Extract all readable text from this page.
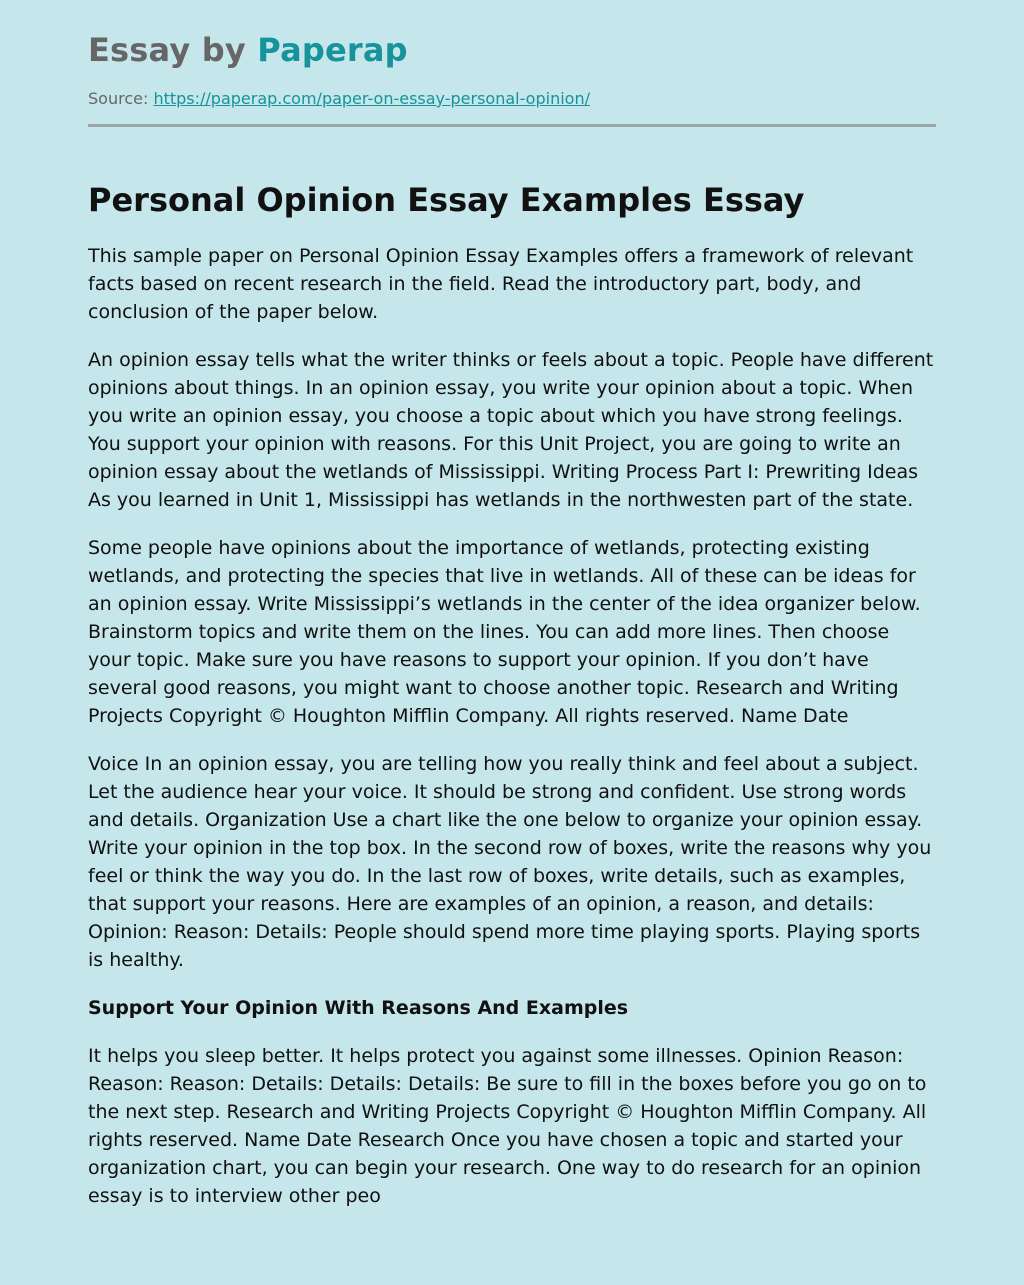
Essay by Paperap
Source: https://paperap.com/paper-on-essay-personal-opinion/
Personal Opinion Essay Examples Essay

This sample paper on Personal Opinion Essay Examples offers a framework of relevant facts based on recent research in the field. Read the introductory part, body, and conclusion of the paper below.

An opinion essay tells what the writer thinks or feels about a topic. People have different opinions about things. In an opinion essay, you write your opinion about a topic. When you write an opinion essay, you choose a topic about which you have strong feelings. You support your opinion with reasons. For this Unit Project, you are going to write an opinion essay about the wetlands of Mississippi. Writing Process Part I: Prewriting Ideas As you learned in Unit 1, Mississippi has wetlands in the northwesten part of the state.

Some people have opinions about the importance of wetlands, protecting existing wetlands, and protecting the species that live in wetlands. All of these can be ideas for an opinion essay. Write Mississippi’s wetlands in the center of the idea organizer below. Brainstorm topics and write them on the lines. You can add more lines. Then choose your topic. Make sure you have reasons to support your opinion. If you don’t have several good reasons, you might want to choose another topic. Research and Writing Projects Copyright © Houghton Mifflin Company. All rights reserved. Name Date

Voice In an opinion essay, you are telling how you really think and feel about a subject. Let the audience hear your voice. It should be strong and confident. Use strong words and details. Organization Use a chart like the one below to organize your opinion essay. Write your opinion in the top box. In the second row of boxes, write the reasons why you feel or think the way you do. In the last row of boxes, write details, such as examples, that support your reasons. Here are examples of an opinion, a reason, and details: Opinion: Reason: Details: People should spend more time playing sports. Playing sports is healthy.

Support Your Opinion With Reasons And Examples

It helps you sleep better. It helps protect you against some illnesses. Opinion Reason: Reason: Reason: Details: Details: Details: Be sure to fill in the boxes before you go on to the next step. Research and Writing Projects Copyright © Houghton Mifflin Company. All rights reserved. Name Date Research Once you have chosen a topic and started your organization chart, you can begin your research. One way to do research for an opinion essay is to interview other peo
